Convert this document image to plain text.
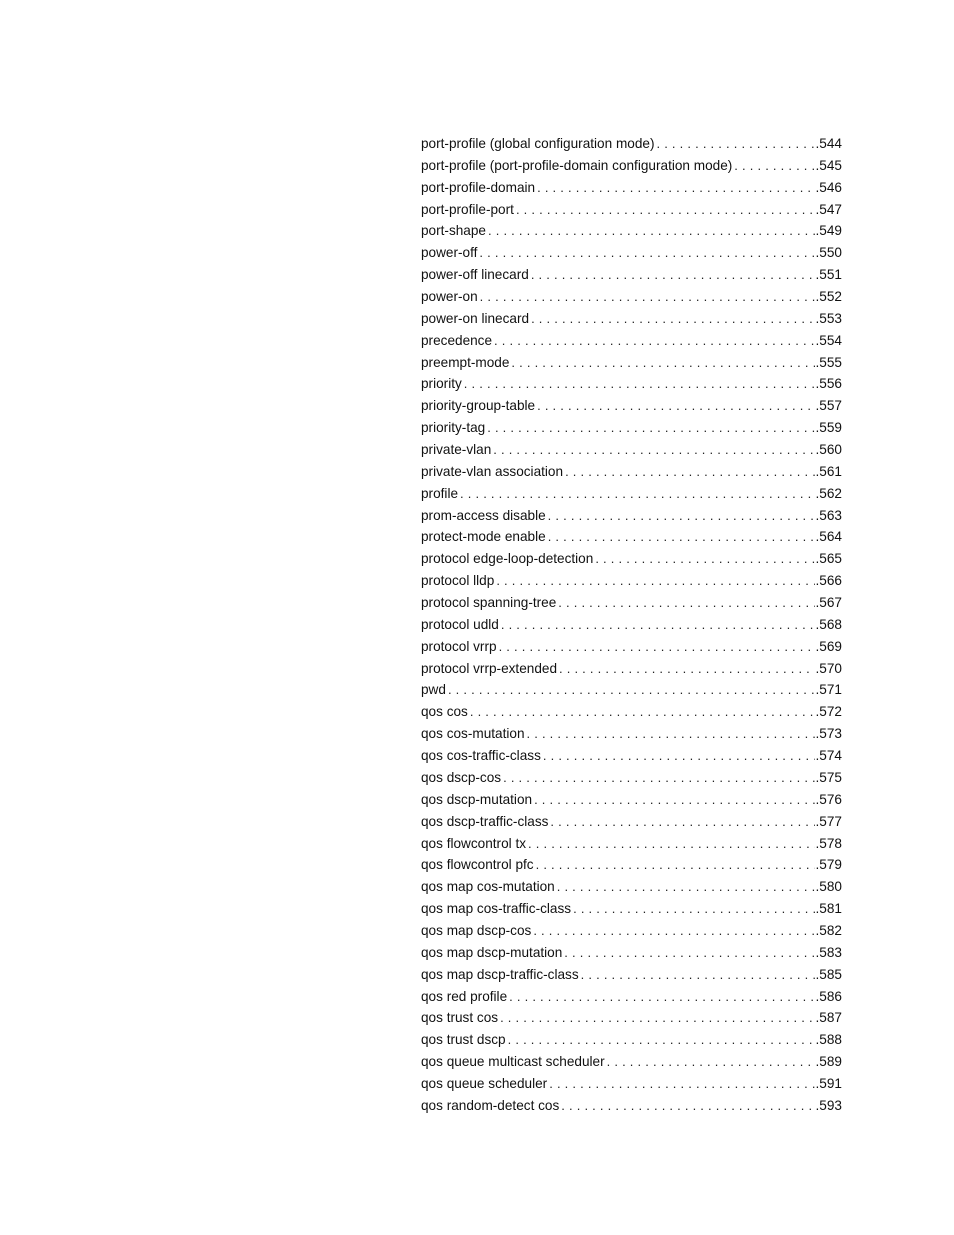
port-profile (global configuration mode) . . .	.544
port-profile (port-profile-domain configuration mode) . . .	.545
port-profile-domain . . .	.546
port-profile-port . . .	.547
port-shape . . .	.549
power-off . . .	.550
power-off linecard . . .	.551
power-on . . .	.552
power-on linecard . . .	.553
precedence . . .	.554
preempt-mode . . .	.555
priority . . .	.556
priority-group-table . . .	.557
priority-tag . . .	.559
private-vlan . . .	.560
private-vlan association . . .	.561
profile . . .	.562
prom-access disable . . .	.563
protect-mode enable . . .	.564
protocol edge-loop-detection . . .	.565
protocol lldp . . .	.566
protocol spanning-tree . . .	.567
protocol udld . . .	.568
protocol vrrp . . .	.569
protocol vrrp-extended . . .	.570
pwd . . .	.571
qos cos . . .	.572
qos cos-mutation . . .	.573
qos cos-traffic-class . . .	.574
qos dscp-cos . . .	.575
qos dscp-mutation . . .	.576
qos dscp-traffic-class . . .	.577
qos flowcontrol tx . . .	.578
qos flowcontrol pfc . . .	.579
qos map cos-mutation . . .	.580
qos map cos-traffic-class . . .	.581
qos map dscp-cos . . .	.582
qos map dscp-mutation . . .	.583
qos map dscp-traffic-class . . .	.585
qos red profile . . .	.586
qos trust cos . . .	.587
qos trust dscp . . .	.588
qos queue multicast scheduler . . .	.589
qos queue scheduler . . .	.591
qos random-detect cos . . .	.593
